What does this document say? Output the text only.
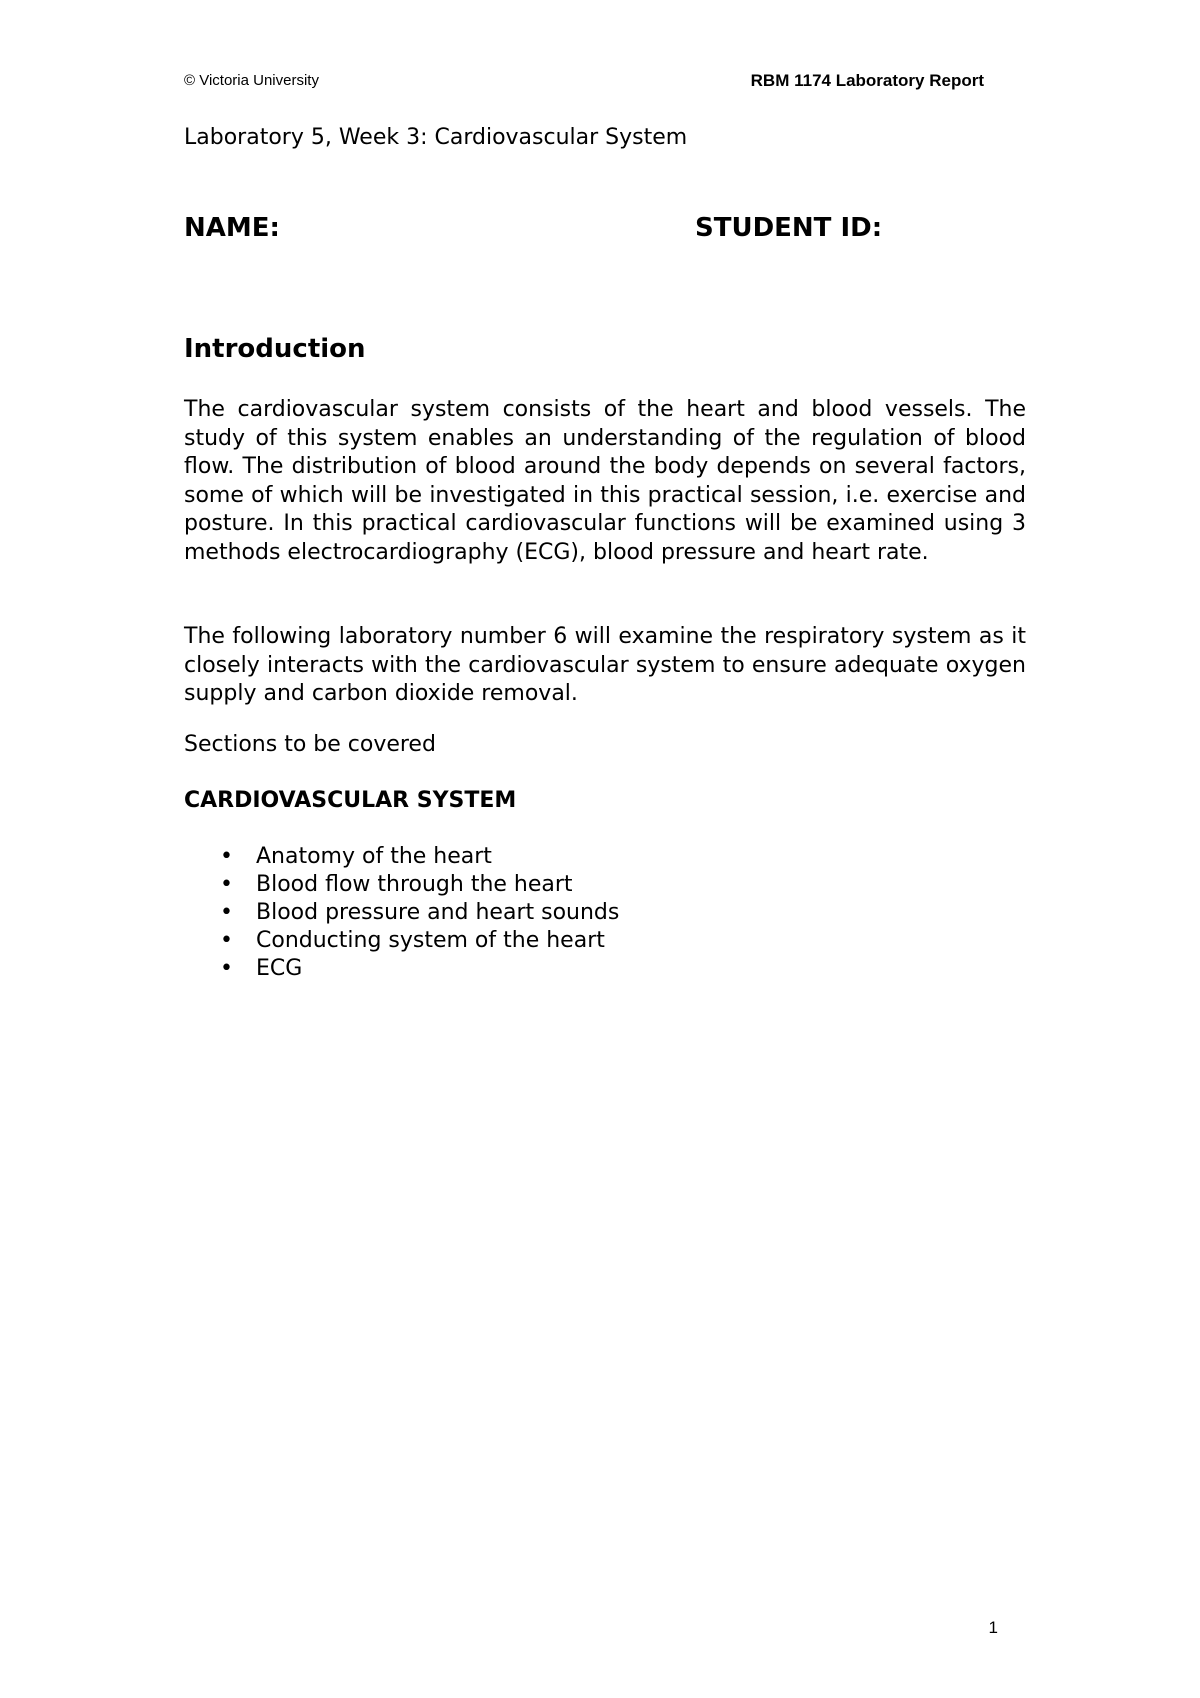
© Victoria University	RBM 1174 Laboratory Report
Laboratory 5, Week 3: Cardiovascular System
NAME:	STUDENT ID:
Introduction

The cardiovascular system consists of the heart and blood vessels. The study of this system enables an understanding of the regulation of blood flow. The distribution of blood around the body depends on several factors, some of which will be investigated in this practical session, i.e. exercise and posture. In this practical cardiovascular functions will be examined using 3 methods electrocardiography (ECG), blood pressure and heart rate.

The following laboratory number 6 will examine the respiratory system as it closely interacts with the cardiovascular system to ensure adequate oxygen supply and carbon dioxide removal.

Sections to be covered
CARDIOVASCULAR SYSTEM
• Anatomy of the heart
• Blood flow through the heart
• Blood pressure and heart sounds
• Conducting system of the heart
• ECG
1
